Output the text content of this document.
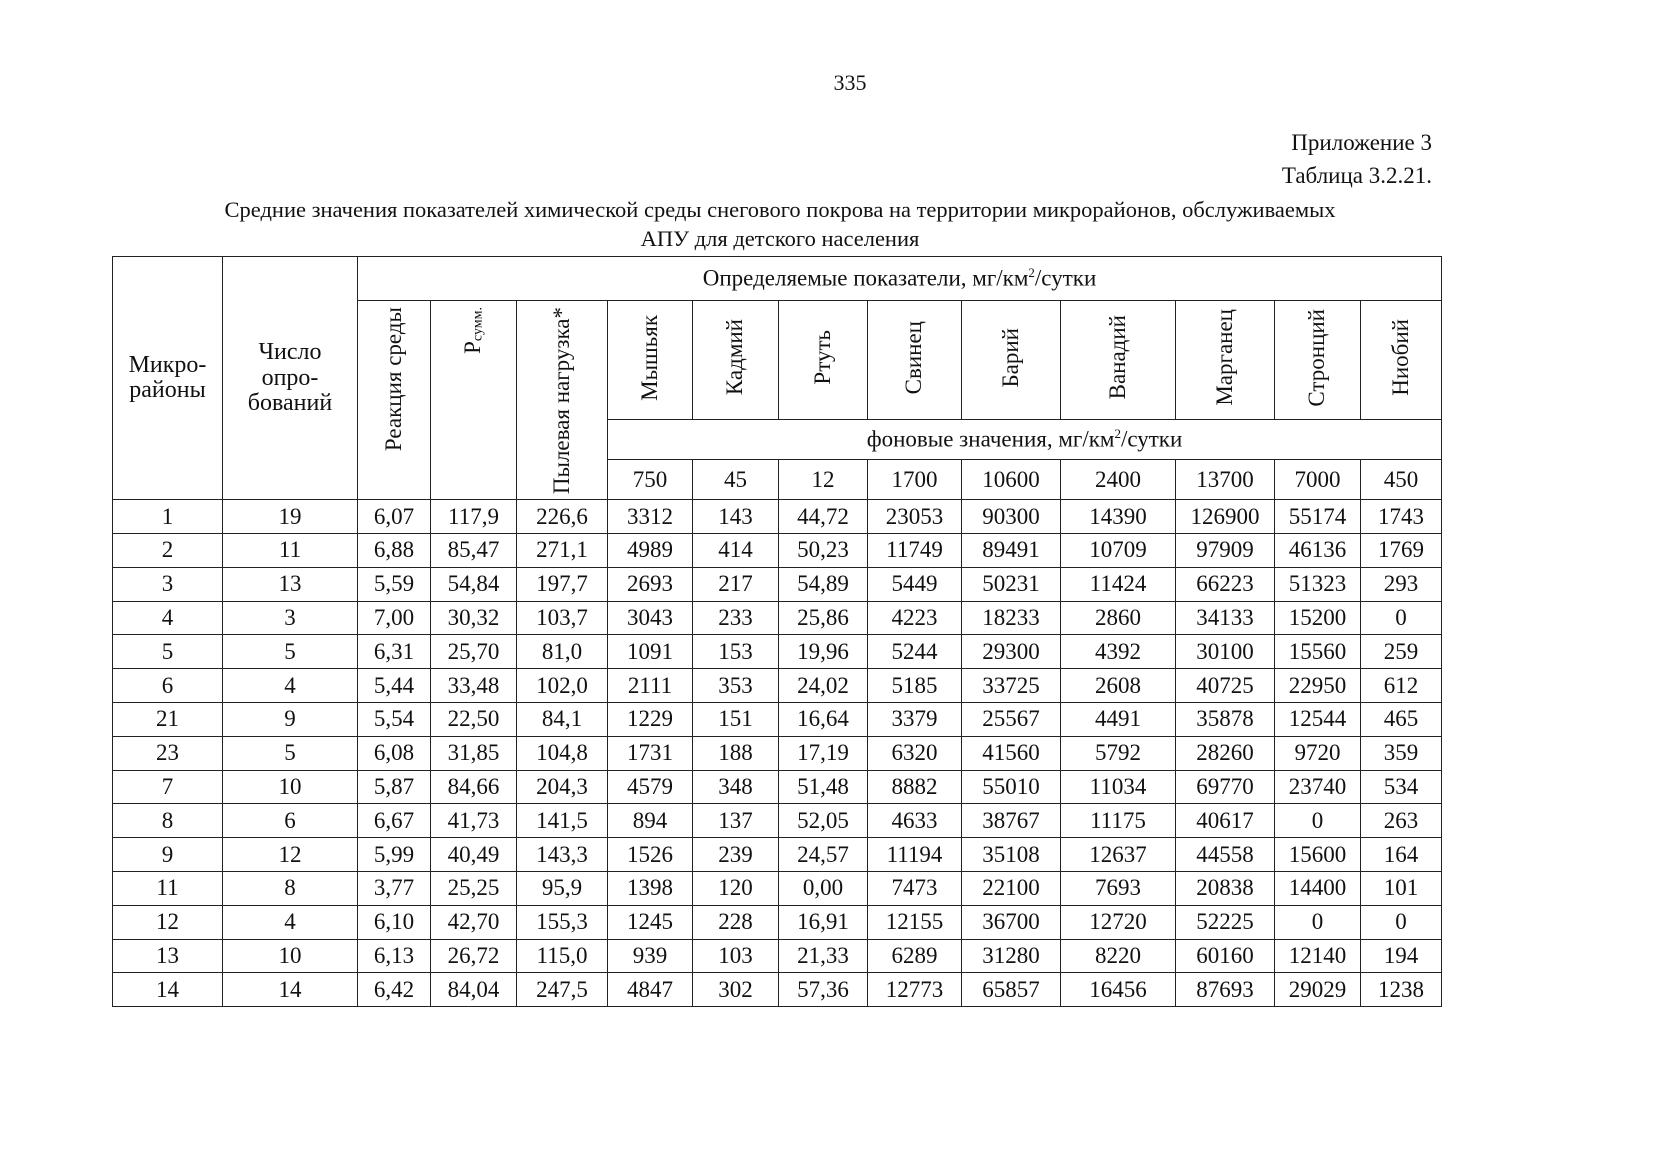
335
Приложение 3
Таблица 3.2.21.
Средние значения показателей химической среды снегового покрова на территории микрорайонов, обслуживаемых
АПУ для детского населения
Микро-
районы	Число
опро-
бований	Определяемые показатели, $мг/км^2$/сутки											
		Реакция среды	$P_{сумм.}$	Пылевая нагрузка*	Мышьяк	Кадмий	Ртуть	Свинец	Барий	Ванадий	Марганец	Стронций	Ниобий
					фоновые значения, $мг/км^2$/сутки								
					750	45	12	1700	10600	2400	13700	7000	450
1	19	6,07	117,9	226,6	3312	143	44,72	23053	90300	14390	126900	55174	1743
2	11	6,88	85,47	271,1	4989	414	50,23	11749	89491	10709	97909	46136	1769
3	13	5,59	54,84	197,7	2693	217	54,89	5449	50231	11424	66223	51323	293
4	3	7,00	30,32	103,7	3043	233	25,86	4223	18233	2860	34133	15200	0
5	5	6,31	25,70	81,0	1091	153	19,96	5244	29300	4392	30100	15560	259
6	4	5,44	33,48	102,0	2111	353	24,02	5185	33725	2608	40725	22950	612
21	9	5,54	22,50	84,1	1229	151	16,64	3379	25567	4491	35878	12544	465
23	5	6,08	31,85	104,8	1731	188	17,19	6320	41560	5792	28260	9720	359
7	10	5,87	84,66	204,3	4579	348	51,48	8882	55010	11034	69770	23740	534
8	6	6,67	41,73	141,5	894	137	52,05	4633	38767	11175	40617	0	263
9	12	5,99	40,49	143,3	1526	239	24,57	11194	35108	12637	44558	15600	164
11	8	3,77	25,25	95,9	1398	120	0,00	7473	22100	7693	20838	14400	101
12	4	6,10	42,70	155,3	1245	228	16,91	12155	36700	12720	52225	0	0
13	10	6,13	26,72	115,0	939	103	21,33	6289	31280	8220	60160	12140	194
14	14	6,42	84,04	247,5	4847	302	57,36	12773	65857	16456	87693	29029	1238
